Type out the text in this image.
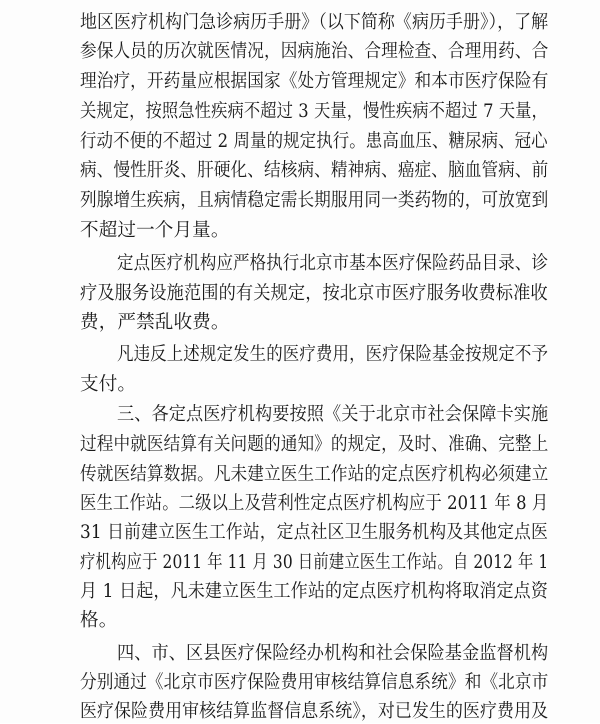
地区医疗机构门急诊病历手册》（以下简称《病历手册》），了解
参保人员的历次就医情况，因病施治、合理检查、合理用药、合
理治疗，开药量应根据国家《处方管理规定》和本市医疗保险有
关规定，按照急性疾病不超过 3 天量，慢性疾病不超过 7 天量，
行动不便的不超过 2 周量的规定执行。患高血压、糖尿病、冠心
病、慢性肝炎、肝硬化、结核病、精神病、癌症、脑血管病、前
列腺增生疾病，且病情稳定需长期服用同一类药物的，可放宽到
不超过一个月量。
定点医疗机构应严格执行北京市基本医疗保险药品目录、诊
疗及服务设施范围的有关规定，按北京市医疗服务收费标准收
费，严禁乱收费。
凡违反上述规定发生的医疗费用，医疗保险基金按规定不予
支付。
三、各定点医疗机构要按照《关于北京市社会保障卡实施
过程中就医结算有关问题的通知》的规定，及时、准确、完整上
传就医结算数据。凡未建立医生工作站的定点医疗机构必须建立
医生工作站。二级以上及营利性定点医疗机构应于 2011 年 8 月
31 日前建立医生工作站，定点社区卫生服务机构及其他定点医
疗机构应于 2011 年 11 月 30 日前建立医生工作站。自 2012 年 1
月 1 日起，凡未建立医生工作站的定点医疗机构将取消定点资
格。
四、市、区县医疗保险经办机构和社会保险基金监督机构
分别通过《北京市医疗保险费用审核结算信息系统》和《北京市
医疗保险费用审核结算监督信息系统》，对已发生的医疗费用及
